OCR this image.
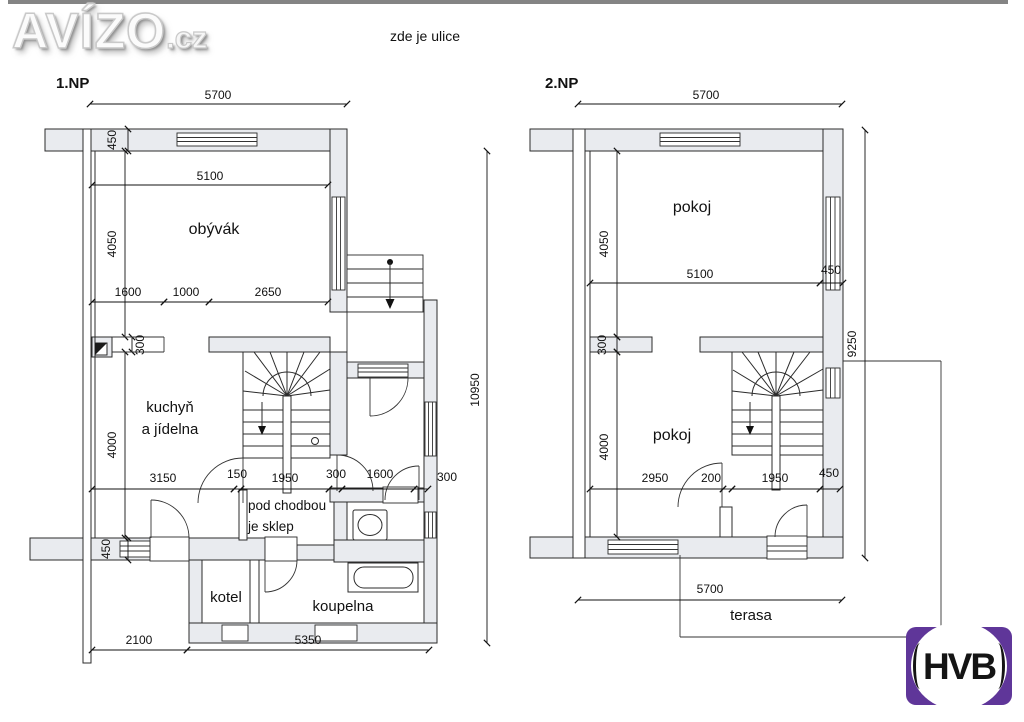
AVÍZO.cz	zde je ulice
1.NP	2.NP
5700
450
5100
4050
1600	1000	2650
300
4000
3150	150 1950 300 1600	300
450
2100	5350
10950
obývák
kuchyň
a jídelna
pod chodbou
je sklep
kotel
koupelna
5700
4050
5100	450
300
4000
2950	200	1950	450
9250
5700
pokoj
pokoj
terasa
HVB
